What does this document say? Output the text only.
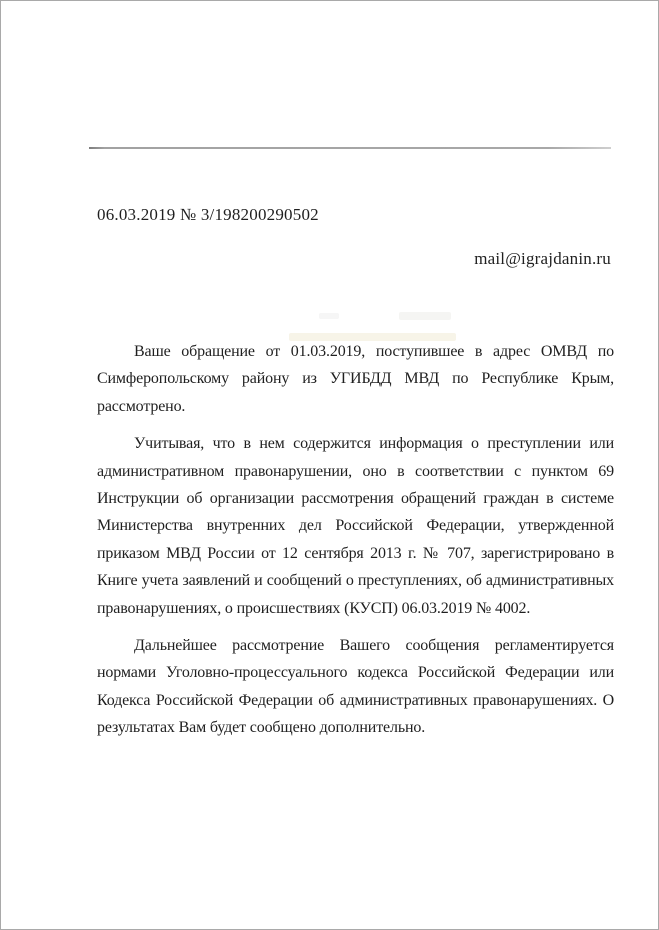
06.03.2019 № 3/198200290502
mail@igrajdanin.ru
Ваше обращение от 01.03.2019, поступившее в адрес ОМВД по
Симферопольскому району из УГИБДД МВД по Республике Крым,
рассмотрено.
Учитывая, что в нем содержится информация о преступлении или
административном правонарушении, оно в соответствии с пунктом 69
Инструкции об организации рассмотрения обращений граждан в системе
Министерства внутренних дел Российской Федерации, утвержденной
приказом МВД России от 12 сентября 2013 г. № 707, зарегистрировано в
Книге учета заявлений и сообщений о преступлениях, об административных
правонарушениях, о происшествиях (КУСП) 06.03.2019 № 4002.
Дальнейшее рассмотрение Вашего сообщения регламентируется
нормами Уголовно-процессуального кодекса Российской Федерации или
Кодекса Российской Федерации об административных правонарушениях. О
результатах Вам будет сообщено дополнительно.
